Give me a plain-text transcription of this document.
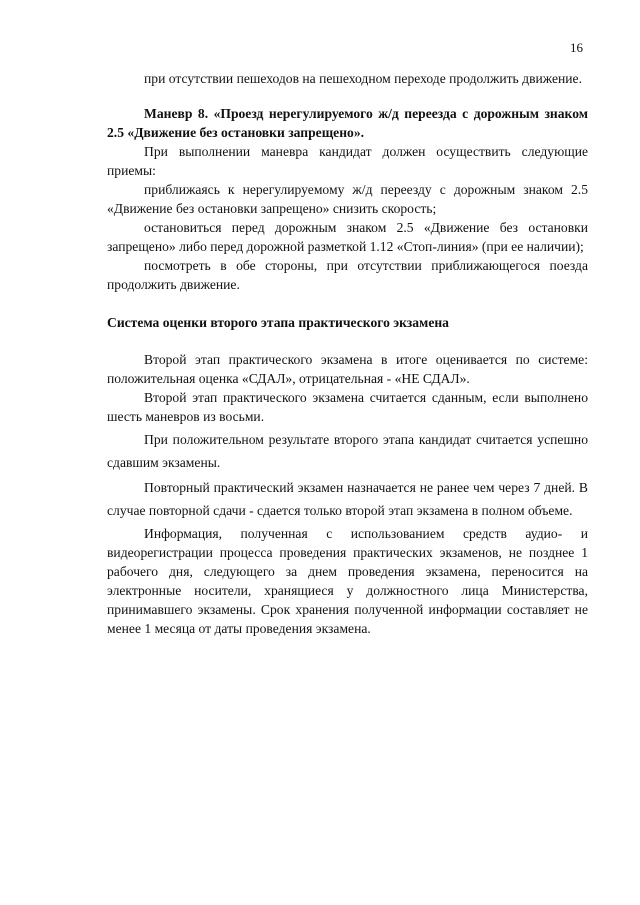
16

при отсутствии пешеходов на пешеходном переходе продолжить движение.

Маневр 8. «Проезд нерегулируемого ж/д переезда с дорожным знаком 2.5 «Движение без остановки запрещено».

При выполнении маневра кандидат должен осуществить следующие приемы:

приближаясь к нерегулируемому ж/д переезду с дорожным знаком 2.5 «Движение без остановки запрещено» снизить скорость;

остановиться перед дорожным знаком 2.5 «Движение без остановки запрещено» либо перед дорожной разметкой 1.12 «Стоп-линия» (при ее наличии);

посмотреть в обе стороны, при отсутствии приближающегося поезда продолжить движение.

Система оценки второго этапа практического экзамена

Второй этап практического экзамена в итоге оценивается по системе: положительная оценка «СДАЛ», отрицательная - «НЕ СДАЛ».

Второй этап практического экзамена считается сданным, если выполнено шесть маневров из восьми.

При положительном результате второго этапа кандидат считается успешно сдавшим экзамены.

Повторный практический экзамен назначается не ранее чем через 7 дней. В случае повторной сдачи - сдается только второй этап экзамена в полном объеме.

Информация, полученная с использованием средств аудио- и видеорегистрации процесса проведения практических экзаменов, не позднее 1 рабочего дня, следующего за днем проведения экзамена, переносится на электронные носители, хранящиеся у должностного лица Министерства, принимавшего экзамены. Срок хранения полученной информации составляет не менее 1 месяца от даты проведения экзамена.
